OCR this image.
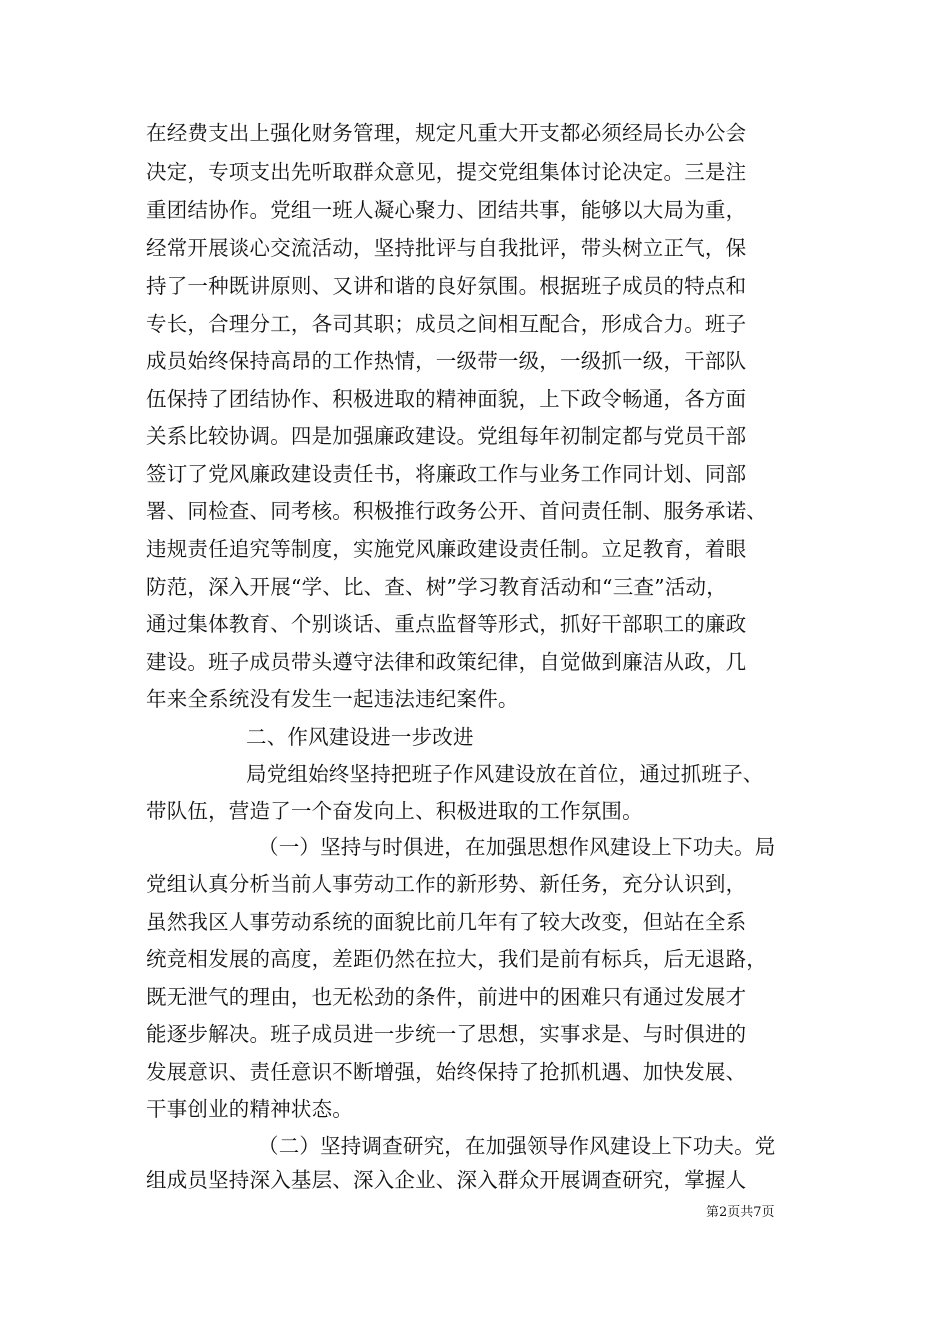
在经费支出上强化财务管理，规定凡重大开支都必须经局长办公会
决定，专项支出先听取群众意见，提交党组集体讨论决定。三是注
重团结协作。党组一班人凝心聚力、团结共事，能够以大局为重，
经常开展谈心交流活动，坚持批评与自我批评，带头树立正气，保
持了一种既讲原则、又讲和谐的良好氛围。根据班子成员的特点和
专长，合理分工，各司其职；成员之间相互配合，形成合力。班子
成员始终保持高昂的工作热情，一级带一级，一级抓一级，干部队
伍保持了团结协作、积极进取的精神面貌，上下政令畅通，各方面
关系比较协调。四是加强廉政建设。党组每年初制定都与党员干部
签订了党风廉政建设责任书，将廉政工作与业务工作同计划、同部
署、同检查、同考核。积极推行政务公开、首问责任制、服务承诺、
违规责任追究等制度，实施党风廉政建设责任制。立足教育，着眼
防范，深入开展“学、比、查、树”学习教育活动和“三查”活动，
通过集体教育、个别谈话、重点监督等形式，抓好干部职工的廉政
建设。班子成员带头遵守法律和政策纪律，自觉做到廉洁从政，几
年来全系统没有发生一起违法违纪案件。
二、作风建设进一步改进
局党组始终坚持把班子作风建设放在首位，通过抓班子、
带队伍，营造了一个奋发向上、积极进取的工作氛围。
（一）坚持与时俱进，在加强思想作风建设上下功夫。局
党组认真分析当前人事劳动工作的新形势、新任务，充分认识到，
虽然我区人事劳动系统的面貌比前几年有了较大改变，但站在全系
统竞相发展的高度，差距仍然在拉大，我们是前有标兵，后无退路，
既无泄气的理由，也无松劲的条件，前进中的困难只有通过发展才
能逐步解决。班子成员进一步统一了思想，实事求是、与时俱进的
发展意识、责任意识不断增强，始终保持了抢抓机遇、加快发展、
干事创业的精神状态。
（二）坚持调查研究，在加强领导作风建设上下功夫。党
组成员坚持深入基层、深入企业、深入群众开展调查研究，掌握人
第2页共7页
